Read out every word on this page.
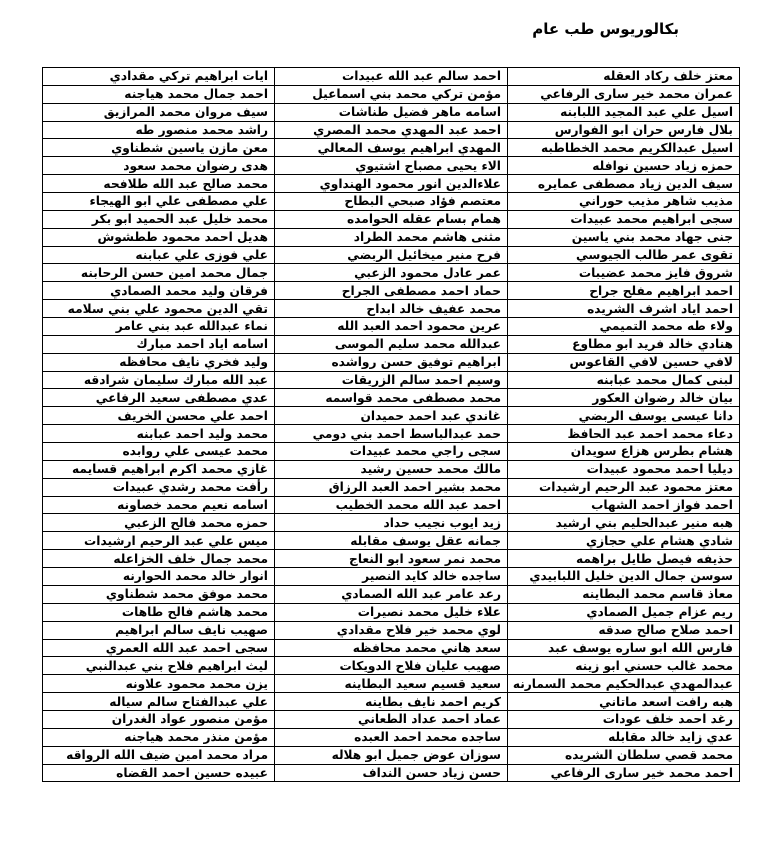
بكالوريوس طب عام
معتز خلف ركاد العقله	احمد سالم عبد الله عبيدات	ايات ابراهيم تركي مقدادي
عمران محمد خير سارى الرفاعي	مؤمن تركي محمد بني اسماعيل	احمد جمال محمد هياجنه
اسيل علي عبد المجيد اللبابنه	اسامه ماهر فضيل طناشات	سيف مروان محمد المرازيق
بلال فارس حران ابو الفوارس	احمد عبد المهدي محمد المصري	راشد محمد منصور طه
اسيل عبدالكريم محمد الخطاطبه	المهدي ابراهيم يوسف المعالي	معن مازن ياسين شطناوي
حمزه زياد حسين نوافله	الاء يحيى مصباح اشتيوي	هدى رضوان محمد سعود
سيف الدين زياد مصطفى عمايره	علاءالدين انور محمود الهنداوي	محمد صالح عبد الله طلافحه
مذيب شاهر مذيب حوراني	معتصم فؤاد صبحي البطاح	علي مصطفى علي ابو الهيجاء
سجى ابراهيم محمد عبيدات	همام بسام عقله الحوامده	محمد خليل عبد الحميد ابو بكر
جنى جهاد محمد بني ياسين	مثنى هاشم محمد الطراد	هديل احمد محمود ططشوش
تقوى عمر طالب الجيوسي	فرح منير ميخائيل الربضي	علي فوزى علي عبابنه
شروق فايز محمد عضيبات	عمر عادل محمود الزعبي	جمال محمد امين حسن الرحابنه
احمد ابراهيم مفلح جراح	حماد احمد مصطفى الجراح	فرقان وليد محمد الصمادي
احمد اياد اشرف الشريده	محمد عفيف خالد ابداح	تقي الدين محمود علي بني سلامه
ولاء طه محمد التميمي	عرين محمود احمد العبد الله	نماء عبدالله عبد بني عامر
هنادي خالد فريد ابو مطاوع	عبدالله محمد سليم الموسى	اسامه اياد احمد مبارك
لافي حسين لافي القاعوس	ابراهيم توفيق حسن رواشده	وليد فخري نايف محافظه
لبنى كمال محمد عبابنه	وسيم احمد سالم الزريقات	عبد الله مبارك سليمان شرادقه
بيان خالد رضوان العكور	محمد مصطفى محمد قواسمه	عدي مصطفى سعيد الرفاعي
دانا عيسى يوسف الربضي	غاندي عبد احمد حميدان	احمد علي محسن الخريف
دعاء محمد احمد عبد الحافظ	حمد عبدالباسط احمد بني دومي	محمد وليد احمد عبابنه
هشام بطرس هزاع سويدان	سجى راجي محمد عبيدات	محمد عيسى علي روابده
ديليا احمد محمود عبيدات	مالك محمد حسين رشيد	غازي محمد اكرم ابراهيم قسايمه
معتز محمود عبد الرحيم ارشيدات	محمد بشير احمد العبد الرزاق	رأفت محمد رشدي عبيدات
احمد فواز احمد الشهاب	احمد عبد الله محمد الخطيب	اسامه نعيم محمد خصاونه
هبه منير عبدالحليم بني ارشيد	زيد ايوب نجيب حداد	حمزه محمد فالح الزعبي
شادي هشام علي حجازي	جمانه عقل يوسف مقابله	ميس علي عبد الرحيم ارشيدات
حذيفه فيصل طايل براهمه	محمد نمر سعود ابو النعاج	محمد جمال خلف الخزاعله
سوسن جمال الدين خليل اللبابيدي	ساجده خالد كايد النصير	انوار خالد محمد الحوارنه
معاذ قاسم محمد البطاينه	رعد عامر عبد الله الصمادي	محمد موفق محمد شطناوي
ريم عزام جميل الصمادي	علاء خليل محمد نصيرات	محمد هاشم فالح طاهات
احمد صلاح صالح صدقه	لوي محمد خير فلاح مقدادي	صهيب نايف سالم ابراهيم
فارس الله ابو ساره يوسف عبد	سعد هاني محمد محافظه	سجى احمد عبد الله العمري
محمد غالب حسني ابو زينه	صهيب عليان فلاح الدويكات	ليث ابراهيم فلاح بني عبدالنبي
عبدالمهدي عبدالحكيم محمد السمارنه	سعيد قسيم سعيد البطاينه	يزن محمد محمود علاونه
هبه رافت اسعد ماتاني	كريم احمد نايف بطاينه	علي عبدالفتاح سالم سياله
رغد احمد خلف عودات	عماد احمد عداد الطعاني	مؤمن منصور عواد الغدران
عدي زايد خالد مقابله	ساجده محمد احمد العبده	مؤمن منذر محمد هياجنه
محمد قصي سلطان الشريده	سوزان عوض جميل ابو هلاله	مراد محمد امين ضيف الله الرواقه
احمد محمد خير سارى الرفاعي	حسن زياد حسن النداف	عبيده حسين احمد القضاه
